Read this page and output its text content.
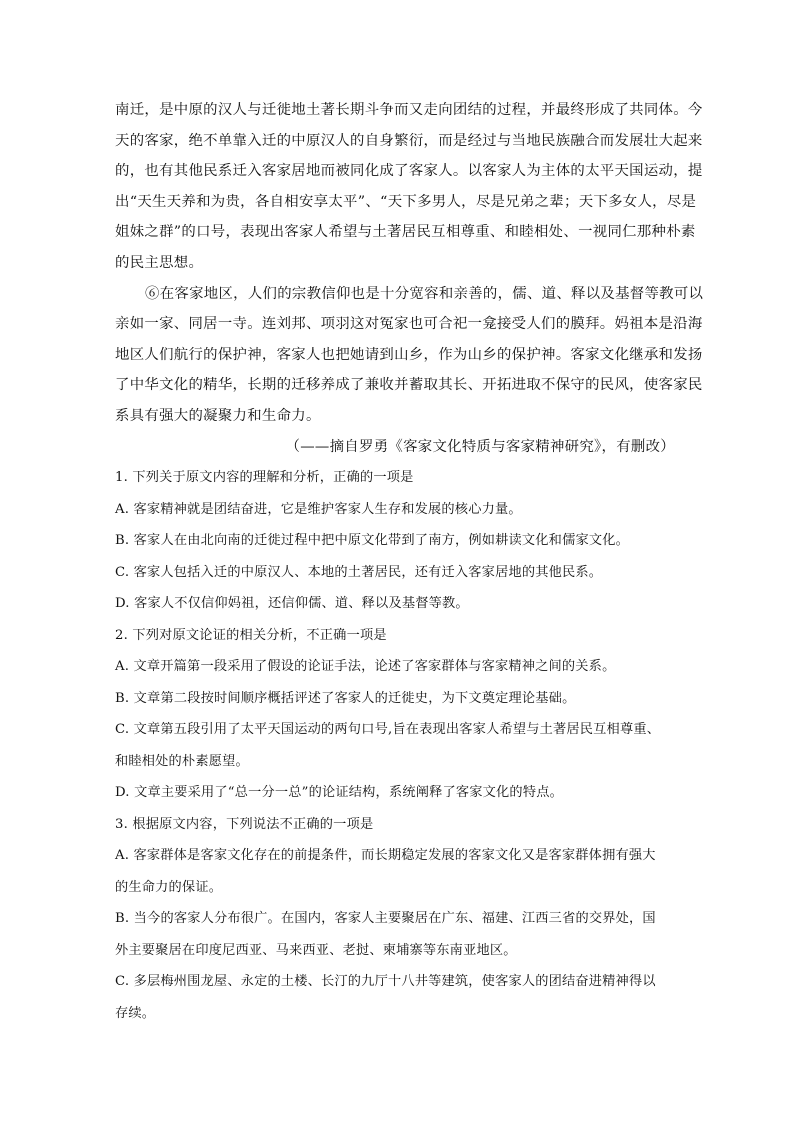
南迁，是中原的汉人与迁徙地土著长期斗争而又走向团结的过程，并最终形成了共同体。今
天的客家，绝不单靠入迁的中原汉人的自身繁衍，而是经过与当地民族融合而发展壮大起来
的，也有其他民系迁入客家居地而被同化成了客家人。以客家人为主体的太平天国运动，提
出“天生天养和为贵，各自相安享太平”、“天下多男人，尽是兄弟之辈；天下多女人，尽是
姐妹之群”的口号，表现出客家人希望与土著居民互相尊重、和睦相处、一视同仁那种朴素
的民主思想。
⑥在客家地区，人们的宗教信仰也是十分宽容和亲善的，儒、道、释以及基督等教可以
亲如一家、同居一寺。连刘邦、项羽这对冤家也可合祀一龛接受人们的膜拜。妈祖本是沿海
地区人们航行的保护神，客家人也把她请到山乡，作为山乡的保护神。客家文化继承和发扬
了中华文化的精华，长期的迁移养成了兼收并蓄取其长、开拓进取不保守的民风，使客家民
系具有强大的凝聚力和生命力。
（——摘自罗勇《客家文化特质与客家精神研究》，有删改）
1. 下列关于原文内容的理解和分析，正确的一项是
A. 客家精神就是团结奋进，它是维护客家人生存和发展的核心力量。
B. 客家人在由北向南的迁徙过程中把中原文化带到了南方，例如耕读文化和儒家文化。
C. 客家人包括入迁的中原汉人、本地的土著居民，还有迁入客家居地的其他民系。
D. 客家人不仅信仰妈祖，还信仰儒、道、释以及基督等教。
2. 下列对原文论证的相关分析，不正确一项是
A. 文章开篇第一段采用了假设的论证手法，论述了客家群体与客家精神之间的关系。
B. 文章第二段按时间顺序概括评述了客家人的迁徙史，为下文奠定理论基础。
C. 文章第五段引用了太平天国运动的两句口号,旨在表现出客家人希望与土著居民互相尊重、
和睦相处的朴素愿望。
D. 文章主要采用了“总一分一总”的论证结构，系统阐释了客家文化的特点。
3. 根据原文内容，下列说法不正确的一项是
A. 客家群体是客家文化存在的前提条件，而长期稳定发展的客家文化又是客家群体拥有强大
的生命力的保证。
B. 当今的客家人分布很广。在国内，客家人主要聚居在广东、福建、江西三省的交界处，国
外主要聚居在印度尼西亚、马来西亚、老挝、柬埔寨等东南亚地区。
C. 多层梅州围龙屋、永定的土楼、长汀的九厅十八井等建筑，使客家人的团结奋进精神得以
存续。
